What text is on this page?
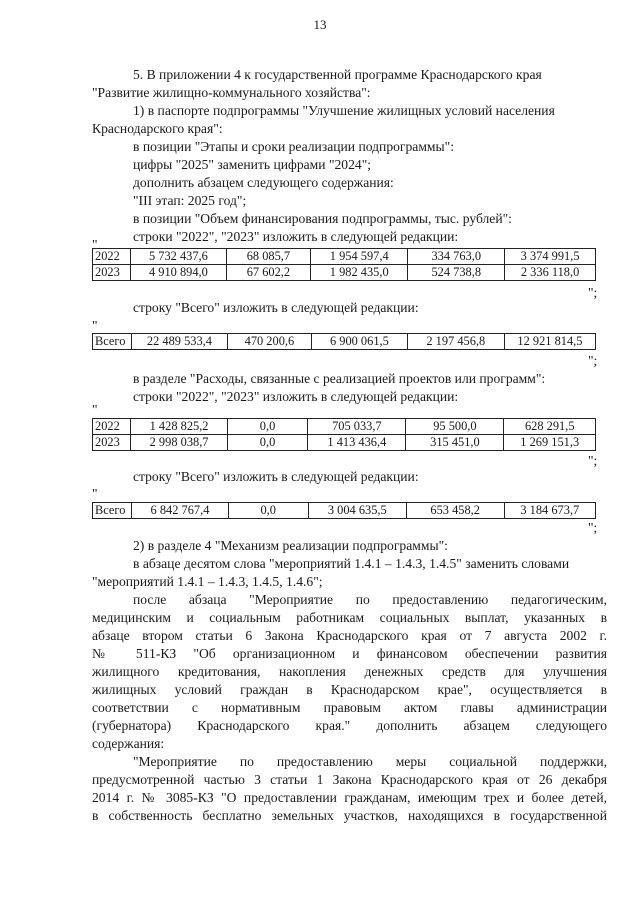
13
5. В приложении 4 к государственной программе Краснодарского края
"Развитие жилищно-коммунального хозяйства":
1) в паспорте подпрограммы "Улучшение жилищных условий населения
Краснодарского края":
в позиции "Этапы и сроки реализации подпрограммы":
цифры "2025" заменить цифрами "2024";
дополнить абзацем следующего содержания:
"III этап: 2025 год";
в позиции "Объем финансирования подпрограммы, тыс. рублей":
строки "2022", "2023" изложить в следующей редакции:
"
2022	5 732 437,6	68 085,7	1 954 597,4	334 763,0	3 374 991,5
2023	4 910 894,0	67 602,2	1 982 435,0	524 738,8	2 336 118,0
";
строку "Всего" изложить в следующей редакции:
"
Всего	22 489 533,4	470 200,6	6 900 061,5	2 197 456,8	12 921 814,5
";
в разделе "Расходы, связанные с реализацией проектов или программ":
строки "2022", "2023" изложить в следующей редакции:
"
2022	1 428 825,2	0,0	705 033,7	95 500,0	628 291,5
2023	2 998 038,7	0,0	1 413 436,4	315 451,0	1 269 151,3
";
строку "Всего" изложить в следующей редакции:
"
Всего	6 842 767,4	0,0	3 004 635,5	653 458,2	3 184 673,7
";
2) в разделе 4 "Механизм реализации подпрограммы":
в абзаце десятом слова "мероприятий 1.4.1 – 1.4.3, 1.4.5" заменить словами
"мероприятий 1.4.1 – 1.4.3, 1.4.5, 1.4.6";
после абзаца "Мероприятие по предоставлению педагогическим,
медицинским и социальным работникам социальных выплат, указанных в
абзаце втором статьи 6 Закона Краснодарского края от 7 августа 2002 г.
№ 511-КЗ "Об организационном и финансовом обеспечении развития
жилищного кредитования, накопления денежных средств для улучшения
жилищных условий граждан в Краснодарском крае", осуществляется в
соответствии с нормативным правовым актом главы администрации
(губернатора) Краснодарского края." дополнить абзацем следующего
содержания:
"Мероприятие по предоставлению меры социальной поддержки,
предусмотренной частью 3 статьи 1 Закона Краснодарского края от 26 декабря
2014 г. № 3085-КЗ "О предоставлении гражданам, имеющим трех и более детей,
в собственность бесплатно земельных участков, находящихся в государственной
